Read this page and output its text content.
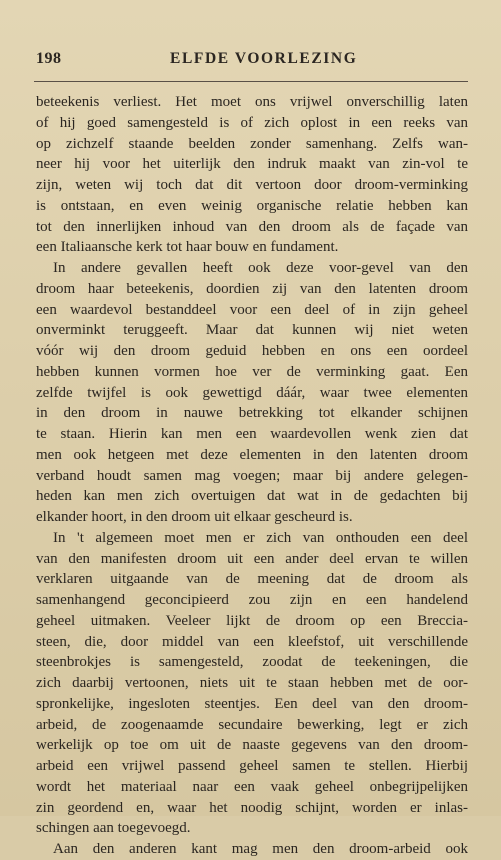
198	ELFDE VOORLEZING
beteekenis verliest. Het moet ons vrijwel onverschillig laten
of hij goed samengesteld is of zich oplost in een reeks van
op zichzelf staande beelden zonder samenhang. Zelfs wan-
neer hij voor het uiterlijk den indruk maakt van zin-vol te
zijn, weten wij toch dat dit vertoon door droom-verminking
is ontstaan, en even weinig organische relatie hebben kan
tot den innerlijken inhoud van den droom als de façade van
een Italiaansche kerk tot haar bouw en fundament.
In andere gevallen heeft ook deze voor-gevel van den
droom haar beteekenis, doordien zij van den latenten droom
een waardevol bestanddeel voor een deel of in zijn geheel
onverminkt teruggeeft. Maar dat kunnen wij niet weten
vóór wij den droom geduid hebben en ons een oordeel
hebben kunnen vormen hoe ver de verminking gaat. Een
zelfde twijfel is ook gewettigd dáár, waar twee elementen
in den droom in nauwe betrekking tot elkander schijnen
te staan. Hierin kan men een waardevollen wenk zien dat
men ook hetgeen met deze elementen in den latenten droom
verband houdt samen mag voegen; maar bij andere gelegen-
heden kan men zich overtuigen dat wat in de gedachten bij
elkander hoort, in den droom uit elkaar gescheurd is.
In 't algemeen moet men er zich van onthouden een deel
van den manifesten droom uit een ander deel ervan te willen
verklaren uitgaande van de meening dat de droom als
samenhangend geconcipieerd zou zijn en een handelend
geheel uitmaken. Veeleer lijkt de droom op een Breccia-
steen, die, door middel van een kleefstof, uit verschillende
steenbrokjes is samengesteld, zoodat de teekeningen, die
zich daarbij vertoonen, niets uit te staan hebben met de oor-
spronkelijke, ingesloten steentjes. Een deel van den droom-
arbeid, de zoogenaamde secundaire bewerking, legt er zich
werkelijk op toe om uit de naaste gegevens van den droom-
arbeid een vrijwel passend geheel samen te stellen. Hierbij
wordt het materiaal naar een vaak geheel onbegrijpelijken
zin geordend en, waar het noodig schijnt, worden er inlas-
schingen aan toegevoegd.
Aan den anderen kant mag men den droom-arbeid ook
